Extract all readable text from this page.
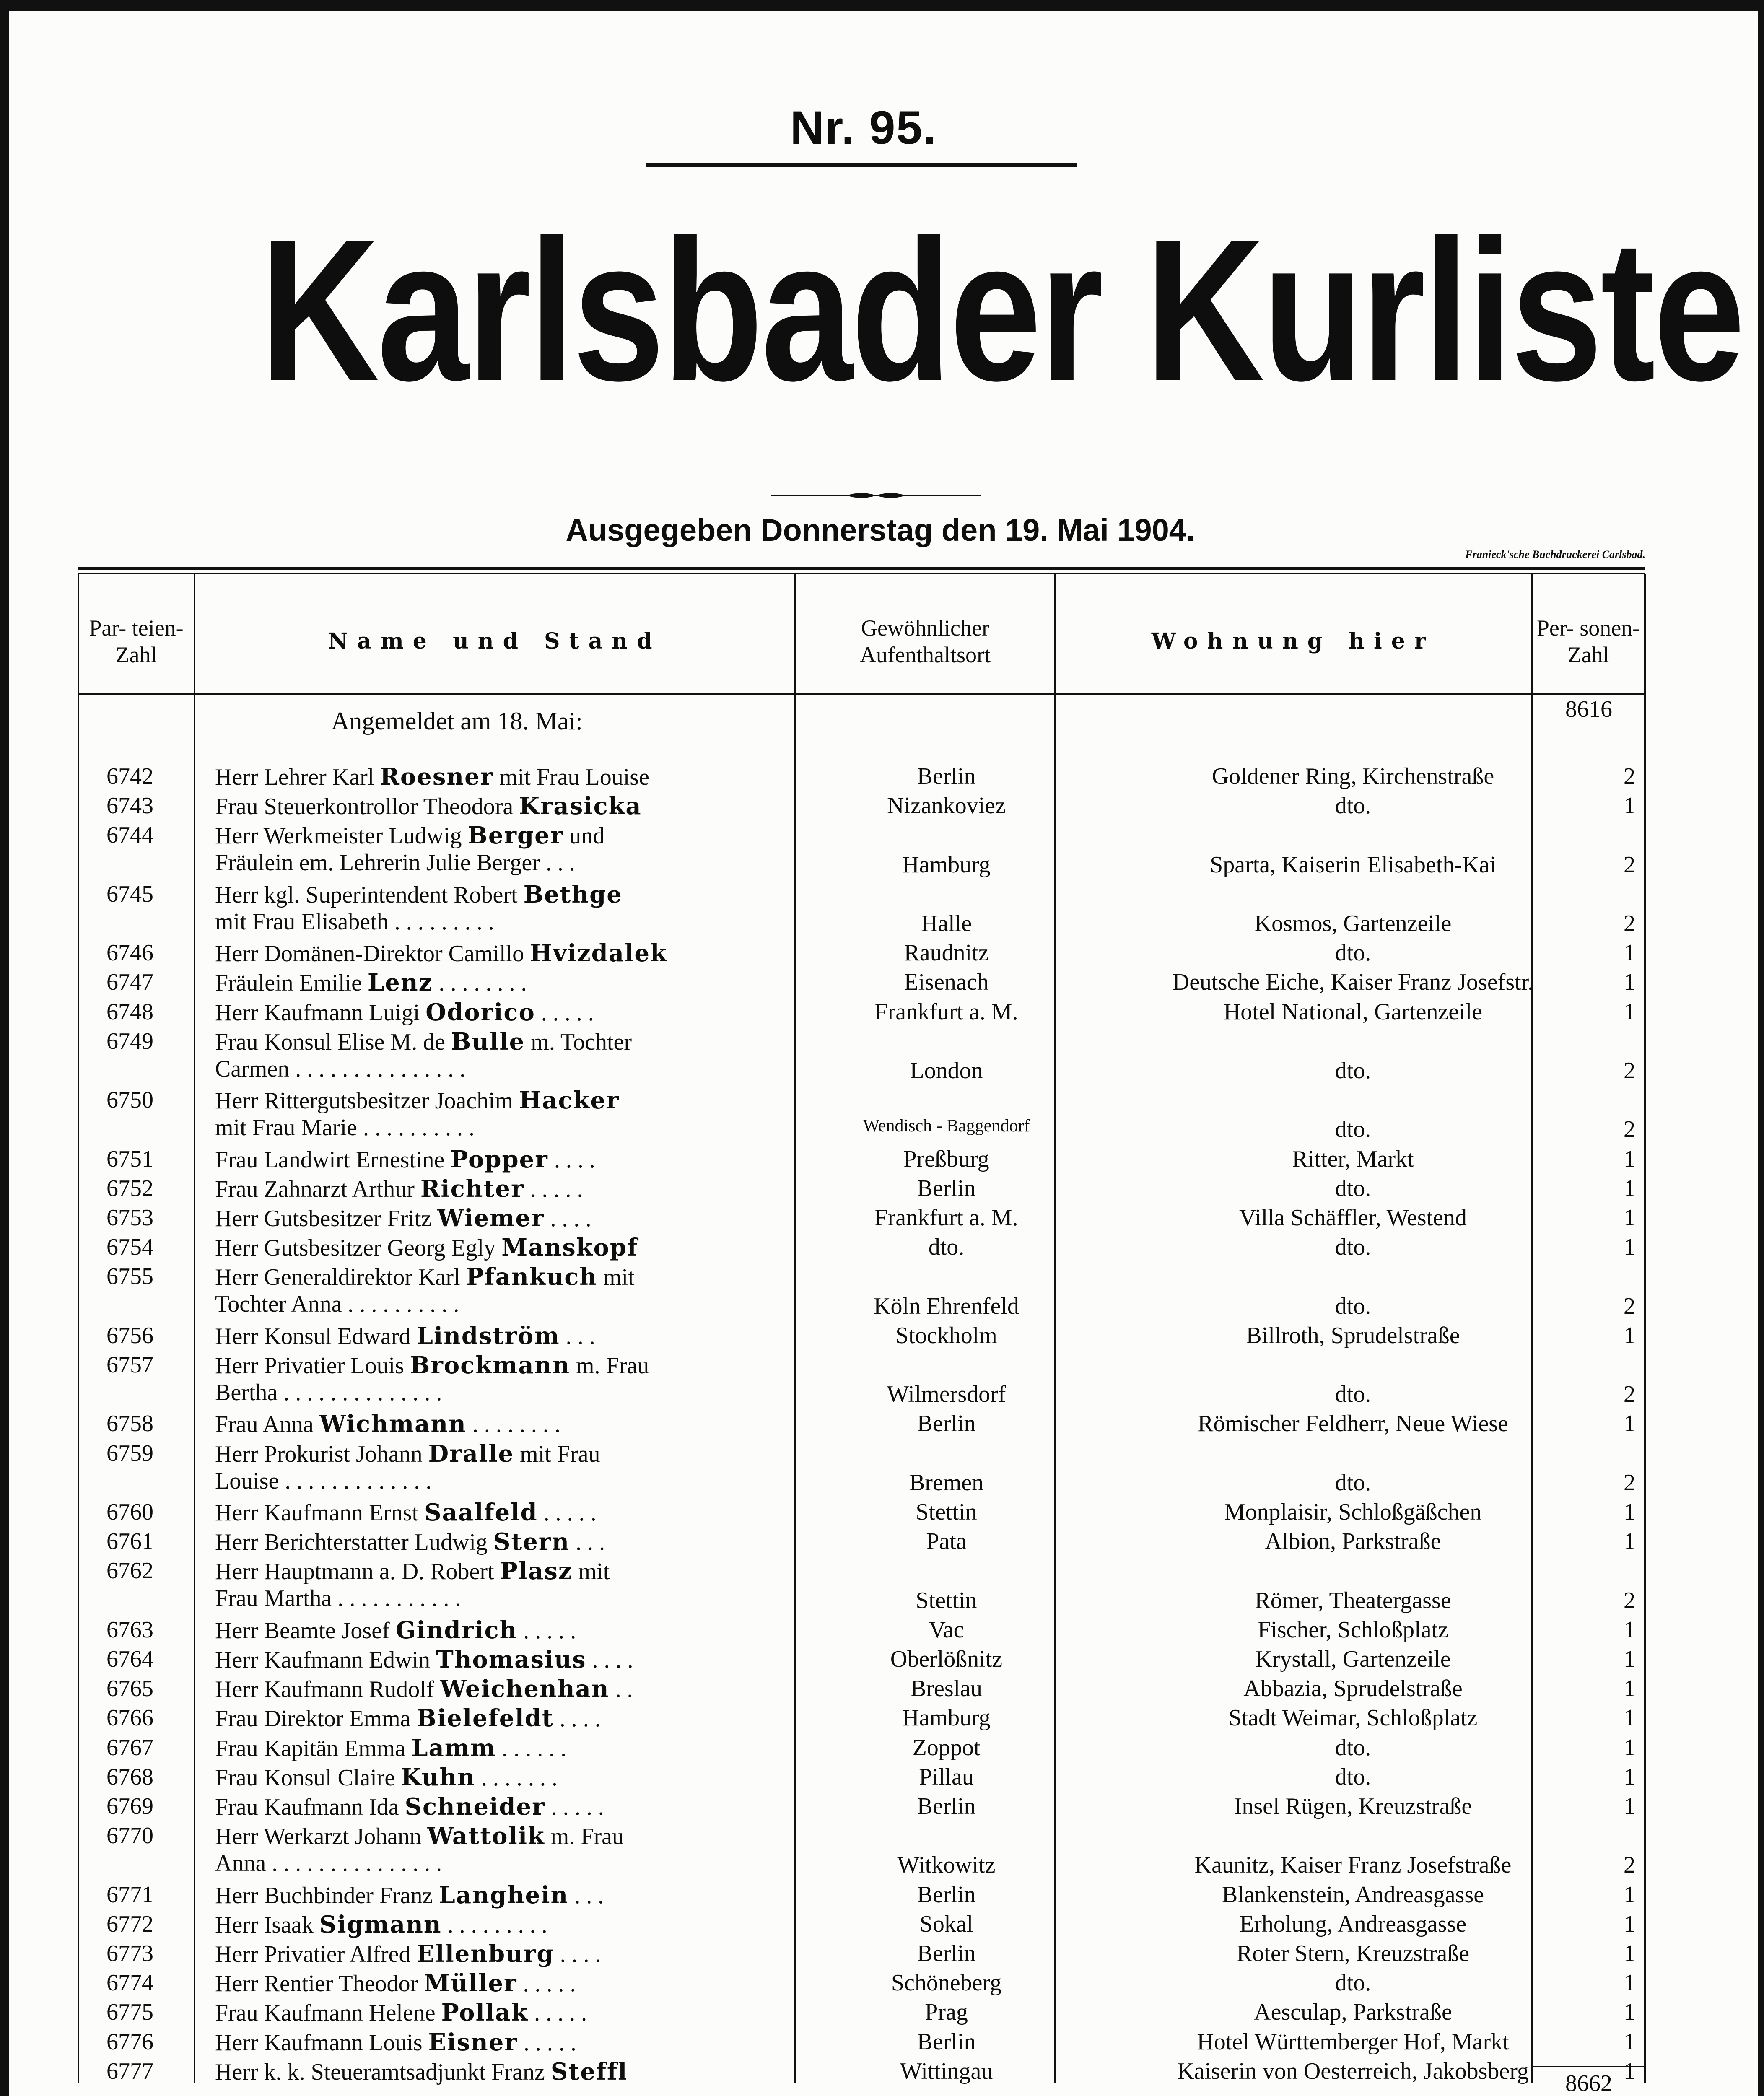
Nr. 95.
Karlsbader Kurliste
Ausgegeben Donnerstag den 19. Mai 1904.
Franieck'sche Buchdruckerei Carlsbad.
Par- teien- Zahl
Name und Stand
Gewöhnlicher Aufenthaltsort
Wohnung hier
Per- sonen- Zahl
8616
Angemeldet am 18. Mai:
6742	Herr Lehrer Karl Roesner mit Frau Louise	Berlin	Goldener Ring, Kirchenstraße	2
6743	Frau Steuerkontrollor Theodora Krasicka	Nizankoviez	dto.	1
6744	Herr Werkmeister Ludwig Berger und
Fräulein em. Lehrerin Julie Berger . . .	Hamburg	Sparta, Kaiserin Elisabeth-Kai	2
6745	Herr kgl. Superintendent Robert Bethge
mit Frau Elisabeth . . . . . . . . .	Halle	Kosmos, Gartenzeile	2
6746	Herr Domänen-Direktor Camillo Hvizdalek	Raudnitz	dto.	1
6747	Fräulein Emilie Lenz . . . . . . . .	Eisenach	Deutsche Eiche, Kaiser Franz Josefstr.	1
6748	Herr Kaufmann Luigi Odorico . . . . .	Frankfurt a. M.	Hotel National, Gartenzeile	1
6749	Frau Konsul Elise M. de Bulle m. Tochter
Carmen . . . . . . . . . . . . . . .	London	dto.	2
6750	Herr Rittergutsbesitzer Joachim Hacker
mit Frau Marie . . . . . . . . . .	Wendisch - Baggendorf	dto.	2
6751	Frau Landwirt Ernestine Popper . . . .	Preßburg	Ritter, Markt	1
6752	Frau Zahnarzt Arthur Richter . . . . .	Berlin	dto.	1
6753	Herr Gutsbesitzer Fritz Wiemer . . . .	Frankfurt a. M.	Villa Schäffler, Westend	1
6754	Herr Gutsbesitzer Georg Egly Manskopf	dto.	dto.	1
6755	Herr Generaldirektor Karl Pfankuch mit
Tochter Anna . . . . . . . . . .	Köln Ehrenfeld	dto.	2
6756	Herr Konsul Edward Lindström . . .	Stockholm	Billroth, Sprudelstraße	1
6757	Herr Privatier Louis Brockmann m. Frau
Bertha . . . . . . . . . . . . . .	Wilmersdorf	dto.	2
6758	Frau Anna Wichmann . . . . . . . .	Berlin	Römischer Feldherr, Neue Wiese	1
6759	Herr Prokurist Johann Dralle mit Frau
Louise . . . . . . . . . . . . .	Bremen	dto.	2
6760	Herr Kaufmann Ernst Saalfeld . . . . .	Stettin	Monplaisir, Schloßgäßchen	1
6761	Herr Berichterstatter Ludwig Stern . . .	Pata	Albion, Parkstraße	1
6762	Herr Hauptmann a. D. Robert Plasz mit
Frau Martha . . . . . . . . . . .	Stettin	Römer, Theatergasse	2
6763	Herr Beamte Josef Gindrich . . . . .	Vac	Fischer, Schloßplatz	1
6764	Herr Kaufmann Edwin Thomasius . . . .	Oberlößnitz	Krystall, Gartenzeile	1
6765	Herr Kaufmann Rudolf Weichenhan . .	Breslau	Abbazia, Sprudelstraße	1
6766	Frau Direktor Emma Bielefeldt . . . .	Hamburg	Stadt Weimar, Schloßplatz	1
6767	Frau Kapitän Emma Lamm . . . . . .	Zoppot	dto.	1
6768	Frau Konsul Claire Kuhn . . . . . . .	Pillau	dto.	1
6769	Frau Kaufmann Ida Schneider . . . . .	Berlin	Insel Rügen, Kreuzstraße	1
6770	Herr Werkarzt Johann Wattolik m. Frau
Anna . . . . . . . . . . . . . . .	Witkowitz	Kaunitz, Kaiser Franz Josefstraße	2
6771	Herr Buchbinder Franz Langhein . . .	Berlin	Blankenstein, Andreasgasse	1
6772	Herr Isaak Sigmann . . . . . . . . .	Sokal	Erholung, Andreasgasse	1
6773	Herr Privatier Alfred Ellenburg . . . .	Berlin	Roter Stern, Kreuzstraße	1
6774	Herr Rentier Theodor Müller . . . . .	Schöneberg	dto.	1
6775	Frau Kaufmann Helene Pollak . . . . .	Prag	Aesculap, Parkstraße	1
6776	Herr Kaufmann Louis Eisner . . . . .	Berlin	Hotel Württemberger Hof, Markt	1
6777	Herr k. k. Steueramtsadjunkt Franz Steffl	Wittingau	Kaiserin von Oesterreich, Jakobsberg	1
8662
